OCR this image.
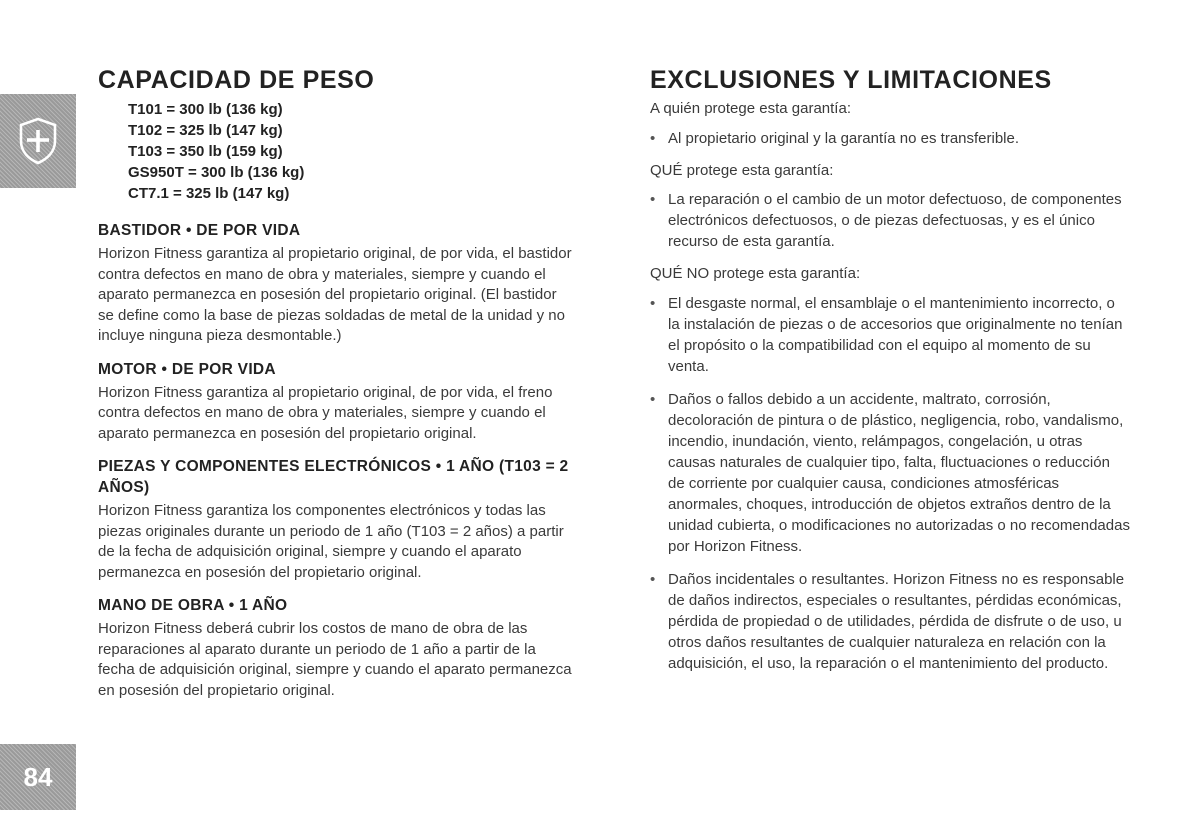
84
CAPACIDAD DE PESO
T101 = 300 lb (136 kg)
T102 = 325 lb (147 kg)
T103 = 350 lb (159 kg)
GS950T = 300 lb (136 kg)
CT7.1 = 325 lb (147 kg)
BASTIDOR • DE POR VIDA

Horizon Fitness garantiza al propietario original, de por vida, el bastidor contra defectos en mano de obra y materiales, siempre y cuando el aparato permanezca en posesión del propietario original. (El bastidor se define como la base de piezas soldadas de metal de la unidad y no incluye ninguna pieza desmontable.)

MOTOR • DE POR VIDA

Horizon Fitness garantiza al propietario original, de por vida, el freno contra defectos en mano de obra y materiales, siempre y cuando el aparato permanezca en posesión del propietario original.

PIEZAS Y COMPONENTES ELECTRÓNICOS • 1 AÑO (T103 = 2 AÑOS)

Horizon Fitness garantiza los componentes electrónicos y todas las piezas originales durante un periodo de 1 año (T103 = 2 años) a partir de la fecha de adquisición original, siempre y cuando el aparato permanezca en posesión del propietario original.

MANO DE OBRA • 1 AÑO

Horizon Fitness deberá cubrir los costos de mano de obra de las reparaciones al aparato durante un periodo de 1 año a partir de la fecha de adquisición original, siempre y cuando el aparato permanezca en posesión del propietario original.

EXCLUSIONES Y LIMITACIONES

A quién protege esta garantía:

• Al propietario original y la garantía no es transferible.

QUÉ protege esta garantía:

• La reparación o el cambio de un motor defectuoso, de componentes electrónicos defectuosos, o de piezas defectuosas, y es el único recurso de esta garantía.

QUÉ NO protege esta garantía:

• El desgaste normal, el ensamblaje o el mantenimiento incorrecto, o la instalación de piezas o de accesorios que originalmente no tenían el propósito o la compatibilidad con el equipo al momento de su venta.
• Daños o fallos debido a un accidente, maltrato, corrosión, decoloración de pintura o de plástico, negligencia, robo, vandalismo, incendio, inundación, viento, relámpagos, congelación, u otras causas naturales de cualquier tipo, falta, fluctuaciones o reducción de corriente por cualquier causa, condiciones atmosféricas anormales, choques, introducción de objetos extraños dentro de la unidad cubierta, o modificaciones no autorizadas o no recomendadas por Horizon Fitness.
• Daños incidentales o resultantes. Horizon Fitness no es responsable de daños indirectos, especiales o resultantes, pérdidas económicas, pérdida de propiedad o de utilidades, pérdida de disfrute o de uso, u otros daños resultantes de cualquier naturaleza en relación con la adquisición, el uso, la reparación o el mantenimiento del producto.
